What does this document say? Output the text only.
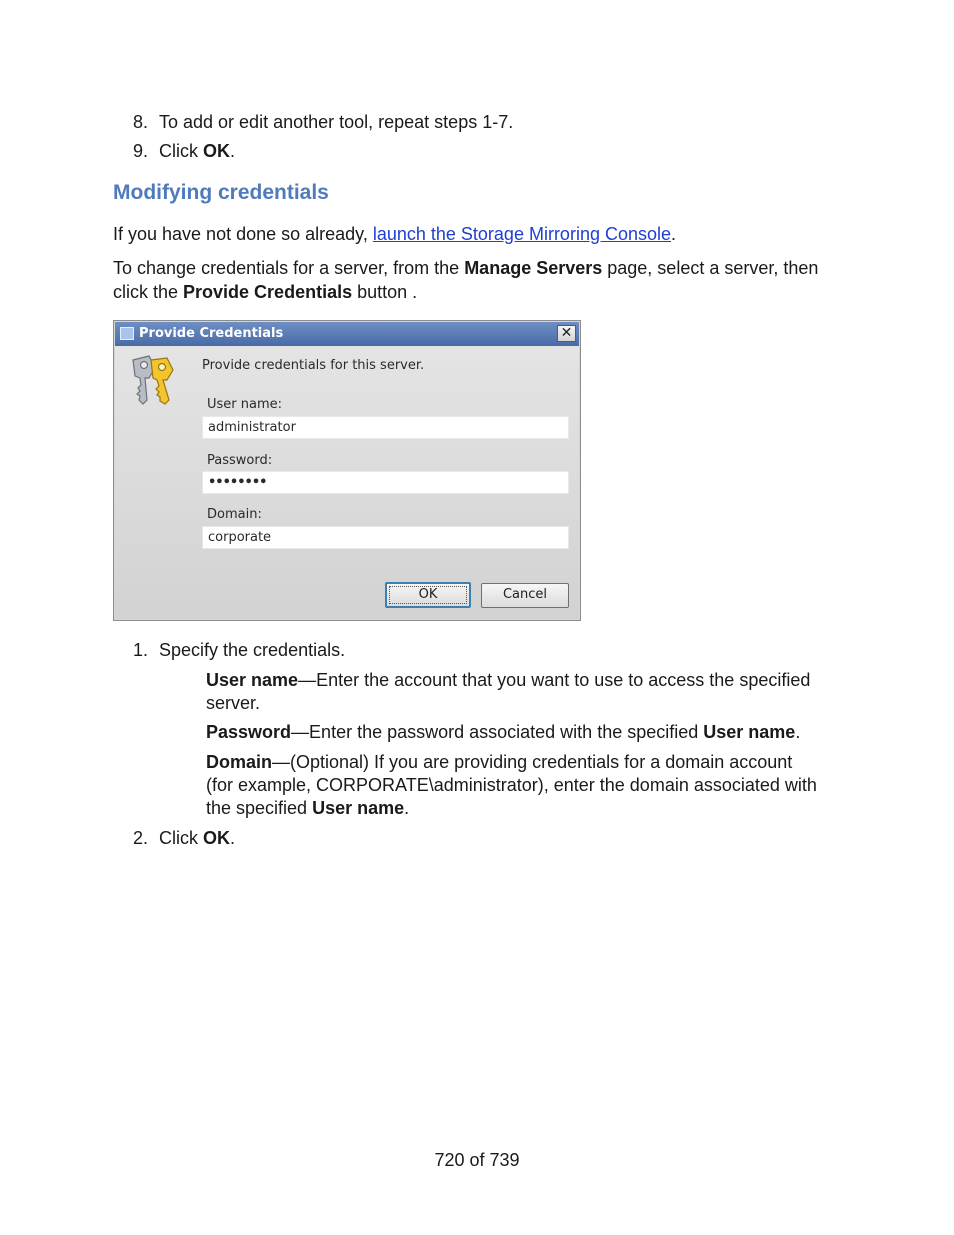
8. To add or edit another tool, repeat steps 1-7.
9. Click OK.
Modifying credentials
If you have not done so already, launch the Storage Mirroring Console.
To change credentials for a server, from the Manage Servers page, select a server, then
click the Provide Credentials button .
Provide Credentials	✕
Provide credentials for this server.
User name:
administrator
Password:
••••••••
Domain:
corporate
OK	Cancel
1. Specify the credentials.
User name—Enter the account that you want to use to access the specified
server.
Password—Enter the password associated with the specified User name.
Domain—(Optional) If you are providing credentials for a domain account
(for example, CORPORATE\administrator), enter the domain associated with
the specified User name.
2. Click OK.
720 of 739
